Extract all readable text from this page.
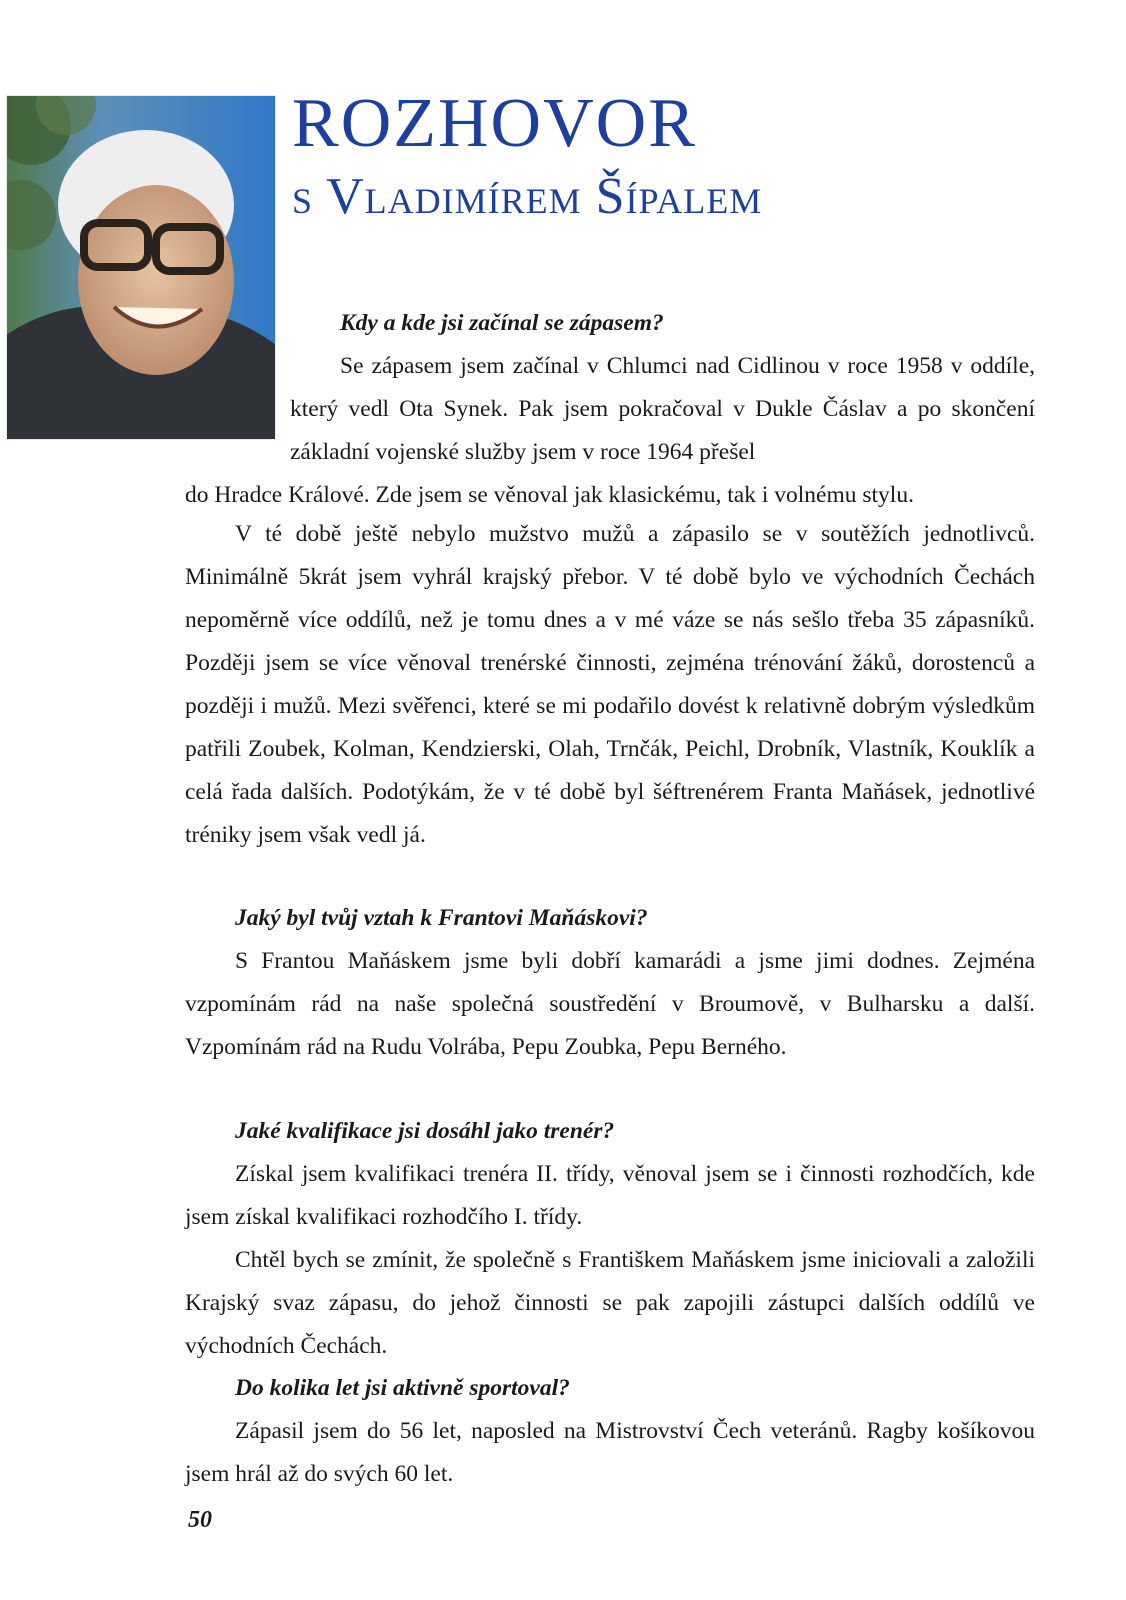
ROZHOVOR
s Vladimírem Šípalem

Kdy a kde jsi začínal se zápasem?

Se zápasem jsem začínal v Chlumci nad Cidlinou v roce 1958 v oddíle, který vedl Ota Synek. Pak jsem pokračoval v Dukle Čáslav a po skončení základní vojenské služby jsem v roce 1964 přešel

do Hradce Králové. Zde jsem se věnoval jak klasickému, tak i volnému stylu.

V té době ještě nebylo mužstvo mužů a zápasilo se v soutěžích jednotlivců. Minimálně 5krát jsem vyhrál krajský přebor. V té době bylo ve východních Čechách nepoměrně více oddílů, než je tomu dnes a v mé váze se nás sešlo třeba 35 zápasníků. Později jsem se více věnoval trenérské činnosti, zejména trénování žáků, dorostenců a později i mužů. Mezi svěřenci, které se mi podařilo dovést k relativně dobrým výsledkům patřili Zoubek, Kolman, Kendzierski, Olah, Trnčák, Peichl, Drobník, Vlastník, Kouklík a celá řada dalších. Podotýkám, že v té době byl šéftrenérem Franta Maňásek, jednotlivé tréniky jsem však vedl já.

Jaký byl tvůj vztah k Frantovi Maňáskovi?

S Frantou Maňáskem jsme byli dobří kamarádi a jsme jimi dodnes. Zejména vzpomínám rád na naše společná soustředění v Broumově, v Bulharsku a další. Vzpomínám rád na Rudu Volrába, Pepu Zoubka, Pepu Berného.

Jaké kvalifikace jsi dosáhl jako trenér?

Získal jsem kvalifikaci trenéra II. třídy, věnoval jsem se i činnosti rozhodčích, kde jsem získal kvalifikaci rozhodčího I. třídy.

Chtěl bych se zmínit, že společně s Františkem Maňáskem jsme iniciovali a založili Krajský svaz zápasu, do jehož činnosti se pak zapojili zástupci dalších oddílů ve východních Čechách.

Do kolika let jsi aktivně sportoval?

Zápasil jsem do 56 let, naposled na Mistrovství Čech veteránů. Ragby košíkovou jsem hrál až do svých 60 let.

50
